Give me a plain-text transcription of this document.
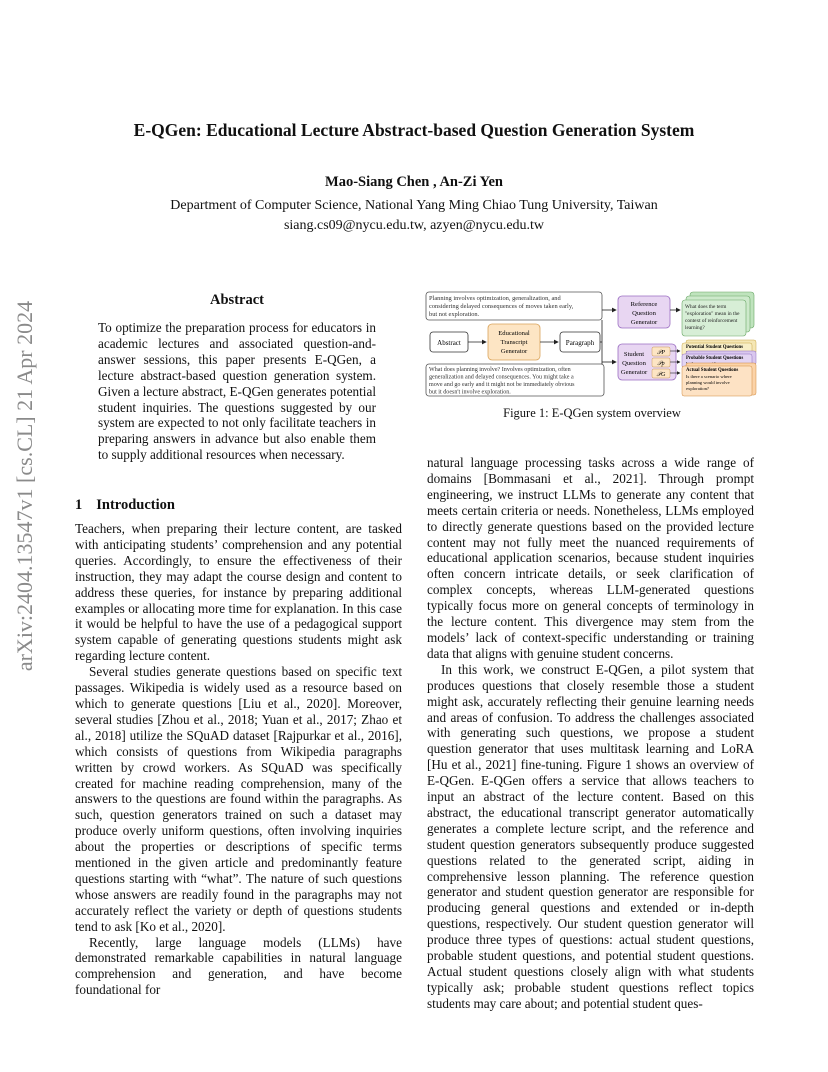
E-QGen: Educational Lecture Abstract-based Question Generation System
Mao-Siang Chen , An-Zi Yen
Department of Computer Science, National Yang Ming Chiao Tung University, Taiwan
siang.cs09@nycu.edu.tw, azyen@nycu.edu.tw
arXiv:2404.13547v1 [cs.CL] 21 Apr 2024
Abstract
To optimize the preparation process for educators in academic lectures and associated question-and-answer sessions, this paper presents E-QGen, a lecture abstract-based question generation system. Given a lecture abstract, E-QGen generates potential student inquiries. The questions suggested by our system are expected to not only facilitate teachers in preparing answers in advance but also enable them to supply additional resources when necessary.
1 Introduction

Teachers, when preparing their lecture content, are tasked with anticipating students’ comprehension and any potential queries. Accordingly, to ensure the effectiveness of their instruction, they may adapt the course design and content to address these queries, for instance by preparing additional examples or allocating more time for explanation. In this case it would be helpful to have the use of a pedagogical support system capable of generating questions students might ask regarding lecture content.

Several studies generate questions based on specific text passages. Wikipedia is widely used as a resource based on which to generate questions [Liu et al., 2020]. Moreover, several studies [Zhou et al., 2018; Yuan et al., 2017; Zhao et al., 2018] utilize the SQuAD dataset [Rajpurkar et al., 2016], which consists of questions from Wikipedia paragraphs written by crowd workers. As SQuAD was specifically created for machine reading comprehension, many of the answers to the questions are found within the paragraphs. As such, question generators trained on such a dataset may produce overly uniform questions, often involving inquiries about the properties or descriptions of specific terms mentioned in the given article and predominantly feature questions starting with “what”. The nature of such questions whose answers are readily found in the paragraphs may not accurately reflect the variety or depth of questions students tend to ask [Ko et al., 2020].

Recently, large language models (LLMs) have demonstrated remarkable capabilities in natural language comprehension and generation, and have become foundational for

natural language processing tasks across a wide range of domains [Bommasani et al., 2021]. Through prompt engineering, we instruct LLMs to generate any content that meets certain criteria or needs. Nonetheless, LLMs employed to directly generate questions based on the provided lecture content may not fully meet the nuanced requirements of educational application scenarios, because student inquiries often concern intricate details, or seek clarification of complex concepts, whereas LLM-generated questions typically focus more on general concepts of terminology in the lecture content. This divergence may stem from the models’ lack of context-specific understanding or training data that aligns with genuine student concerns.

In this work, we construct E-QGen, a pilot system that produces questions that closely resemble those a student might ask, accurately reflecting their genuine learning needs and areas of confusion. To address the challenges associated with generating such questions, we propose a student question generator that uses multitask learning and LoRA [Hu et al., 2021] fine-tuning. Figure 1 shows an overview of E-QGen. E-QGen offers a service that allows teachers to input an abstract of the lecture content. Based on this abstract, the educational transcript generator automatically generates a complete lecture script, and the reference and student question generators subsequently produce suggested questions related to the generated script, aiding in comprehensive lesson planning. The reference question generator and student question generator are responsible for producing general questions and extended or in-depth questions, respectively. Our student question generator will produce three types of questions: actual student questions, probable student questions, and potential student questions. Actual student questions closely align with what students typically ask; probable student questions reflect topics students may care about; and potential student ques-

Planning involves optimization, generalization, and
considering delayed consequences of moves taken early,
but not exploration.
What does planning involve? Involves optimization, often
generalization and delayed consequences. You might take a
move and go early and it might not be immediately obvious
but it doesn't involve exploration.
Abstract
Educational
Transcript
Generator
Paragraph
Reference
Question
Generator
What does the term
"exploration" mean in the
context of reinforcement
learning?
Student
Question
Generator
𝒫P
𝒫p
𝒫G
Potential Student Questions
Probable Student Questions
Actual Student Questions
Is there a scenario where
planning would involve
exploration?
Figure 1: E-QGen system overview
